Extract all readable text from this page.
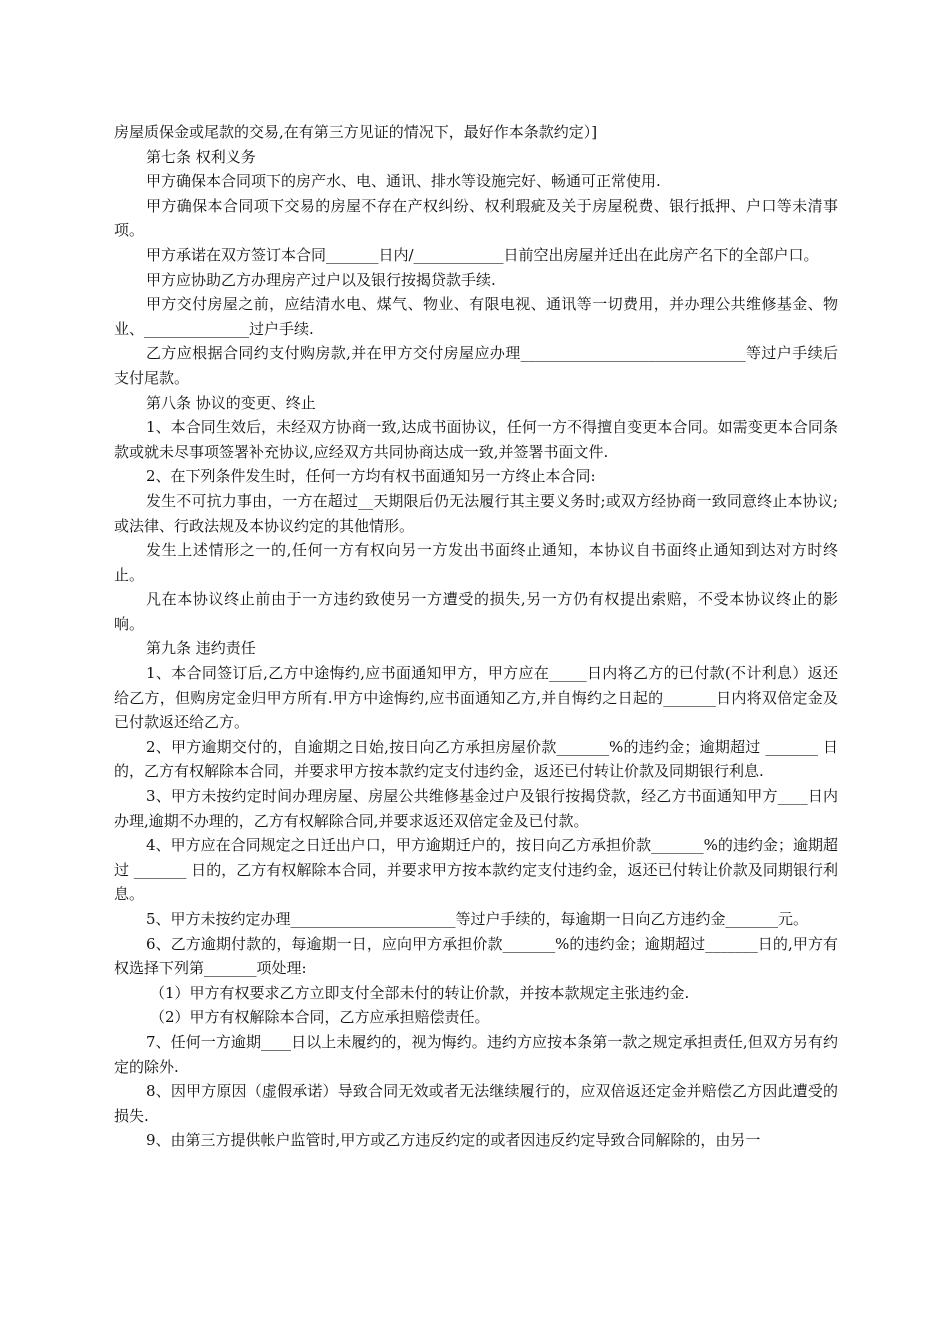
房屋质保金或尾款的交易,在有第三方见证的情况下，最好作本条款约定）]

第七条 权利义务

甲方确保本合同项下的房产水、电、通讯、排水等设施完好、畅通可正常使用.

甲方确保本合同项下交易的房屋不存在产权纠纷、权利瑕疵及关于房屋税费、银行抵押、户口等未清事项。

甲方承诺在双方签订本合同_______日内/____________日前空出房屋并迁出在此房产名下的全部户口。

甲方应协助乙方办理房产过户以及银行按揭贷款手续.

甲方交付房屋之前，应结清水电、煤气、物业、有限电视、通讯等一切费用，并办理公共维修基金、物业、______________过户手续.

乙方应根据合同约支付购房款,并在甲方交付房屋应办理______________________________等过户手续后支付尾款。

第八条 协议的变更、终止

1、本合同生效后，未经双方协商一致,达成书面协议，任何一方不得擅自变更本合同。如需变更本合同条款或就未尽事项签署补充协议,应经双方共同协商达成一致,并签署书面文件.

2、在下列条件发生时，任何一方均有权书面通知另一方终止本合同:

发生不可抗力事由，一方在超过__天期限后仍无法履行其主要义务时;或双方经协商一致同意终止本协议;或法律、行政法规及本协议约定的其他情形。

发生上述情形之一的,任何一方有权向另一方发出书面终止通知，本协议自书面终止通知到达对方时终止。

凡在本协议终止前由于一方违约致使另一方遭受的损失,另一方仍有权提出索赔，不受本协议终止的影响。

第九条 违约责任

1、本合同签订后,乙方中途悔约,应书面通知甲方，甲方应在_____日内将乙方的已付款(不计利息）返还给乙方，但购房定金归甲方所有.甲方中途悔约,应书面通知乙方,并自悔约之日起的_______日内将双倍定金及已付款返还给乙方。

2、甲方逾期交付的，自逾期之日始,按日向乙方承担房屋价款_______%的违约金；逾期超过 _______ 日的，乙方有权解除本合同，并要求甲方按本款约定支付违约金，返还已付转让价款及同期银行利息.

3、甲方未按约定时间办理房屋、房屋公共维修基金过户及银行按揭贷款，经乙方书面通知甲方____日内办理,逾期不办理的，乙方有权解除合同,并要求返还双倍定金及已付款。

4、甲方应在合同规定之日迁出户口，甲方逾期迁户的，按日向乙方承担价款_______%的违约金；逾期超过 _______ 日的，乙方有权解除本合同，并要求甲方按本款约定支付违约金，返还已付转让价款及同期银行利息。

5、甲方未按约定办理______________________等过户手续的，每逾期一日向乙方违约金_______元。

6、乙方逾期付款的，每逾期一日，应向甲方承担价款_______%的违约金；逾期超过_______日的,甲方有权选择下列第_______项处理:

（1）甲方有权要求乙方立即支付全部未付的转让价款，并按本款规定主张违约金.

（2）甲方有权解除本合同，乙方应承担赔偿责任。

7、任何一方逾期____日以上未履约的，视为悔约。违约方应按本条第一款之规定承担责任,但双方另有约定的除外.

8、因甲方原因（虚假承诺）导致合同无效或者无法继续履行的，应双倍返还定金并赔偿乙方因此遭受的损失.

9、由第三方提供帐户监管时,甲方或乙方违反约定的或者因违反约定导致合同解除的，由另一
